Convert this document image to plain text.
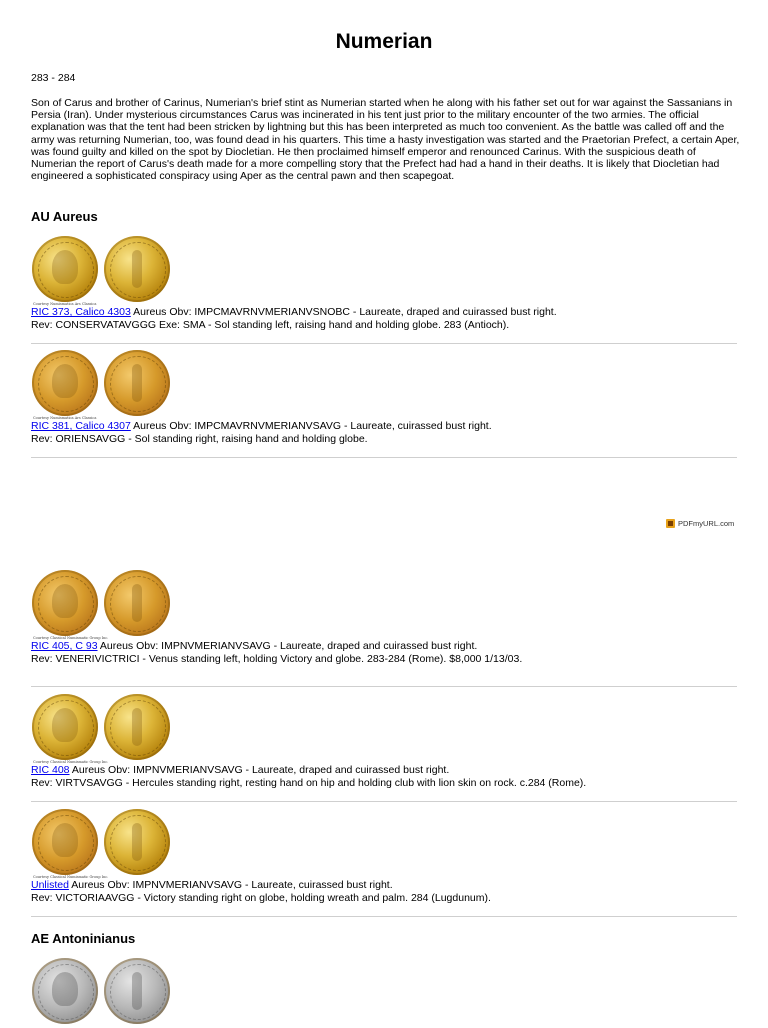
Numerian
283 - 284
Son of Carus and brother of Carinus, Numerian's brief stint as Numerian started when he along with his father set out for war against the Sassanians in Persia (Iran). Under mysterious circumstances Carus was incinerated in his tent just prior to the military encounter of the two armies. The official explanation was that the tent had been stricken by lightning but this has been interpreted as much too convenient. As the battle was called off and the army was returning Numerian, too, was found dead in his quarters. This time a hasty investigation was started and the Praetorian Prefect, a certain Aper, was found guilty and killed on the spot by Diocletian. He then proclaimed himself emperor and renounced Carinus. With the suspicious death of Numerian the report of Carus's death made for a more compelling story that the Prefect had had a hand in their deaths. It is likely that Diocletian had engineered a sophisticated conspiracy using Aper as the central pawn and then scapegoat.
AU Aureus
Courtesy Numismatica Ars Classica
RIC 373, Calico 4303 Aureus Obv: IMPCMAVRNVMERIANVSNOBC - Laureate, draped and cuirassed bust right.
Rev: CONSERVATAVGGG Exe: SMA - Sol standing left, raising hand and holding globe. 283 (Antioch).
Courtesy Numismatica Ars Classica
RIC 381, Calico 4307 Aureus Obv: IMPCMAVRNVMERIANVSAVG - Laureate, cuirassed bust right.
Rev: ORIENSAVGG - Sol standing right, raising hand and holding globe.
PDFmyURL.com
Courtesy Classical Numismatic Group Inc.
RIC 405, C 93 Aureus Obv: IMPNVMERIANVSAVG - Laureate, draped and cuirassed bust right.
Rev: VENERIVICTRICI - Venus standing left, holding Victory and globe. 283-284 (Rome). $8,000 1/13/03.
Courtesy Classical Numismatic Group Inc.
RIC 408 Aureus Obv: IMPNVMERIANVSAVG - Laureate, draped and cuirassed bust right.
Rev: VIRTVSAVGG - Hercules standing right, resting hand on hip and holding club with lion skin on rock. c.284 (Rome).
Courtesy Classical Numismatic Group Inc.
Unlisted Aureus Obv: IMPNVMERIANVSAVG - Laureate, cuirassed bust right.
Rev: VICTORIAAVGG - Victory standing right on globe, holding wreath and palm. 284 (Lugdunum).
AE Antoninianus
